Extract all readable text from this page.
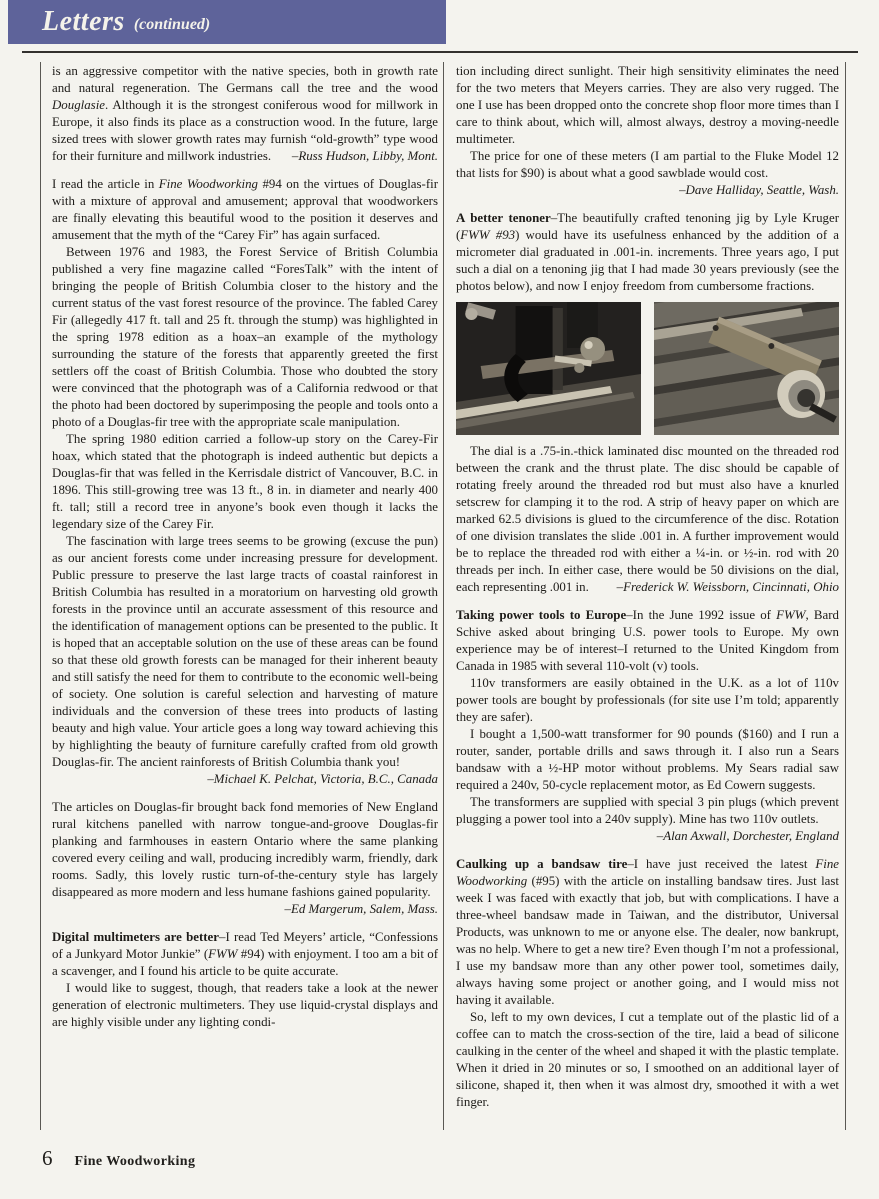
Letters (continued)

is an aggressive competitor with the native species, both in growth rate and natural regeneration. The Germans call the tree and the wood Douglasie. Although it is the strongest coniferous wood for millwork in Europe, it also finds its place as a construction wood. In the future, large sized trees with slower growth rates may furnish “old-growth” type wood for their furniture and millwork industries. –Russ Hudson, Libby, Mont.

I read the article in Fine Woodworking #94 on the virtues of Douglas-fir with a mixture of approval and amusement; approval that woodworkers are finally elevating this beautiful wood to the position it deserves and amusement that the myth of the “Carey Fir” has again surfaced.

Between 1976 and 1983, the Forest Service of British Columbia published a very fine magazine called “ForesTalk” with the intent of bringing the people of British Columbia closer to the history and the current status of the vast forest resource of the province. The fabled Carey Fir (allegedly 417 ft. tall and 25 ft. through the stump) was highlighted in the spring 1978 edition as a hoax–an example of the mythology surrounding the stature of the forests that apparently greeted the first settlers off the coast of British Columbia. Those who doubted the story were convinced that the photograph was of a California redwood or that the photo had been doctored by superimposing the people and tools onto a photo of a Douglas-fir tree with the appropriate scale manipulation.

The spring 1980 edition carried a follow-up story on the Carey-Fir hoax, which stated that the photograph is indeed authentic but depicts a Douglas-fir that was felled in the Kerrisdale district of Vancouver, B.C. in 1896. This still-growing tree was 13 ft., 8 in. in diameter and nearly 400 ft. tall; still a record tree in anyone’s book even though it lacks the legendary size of the Carey Fir.

The fascination with large trees seems to be growing (excuse the pun) as our ancient forests come under increasing pressure for development. Public pressure to preserve the last large tracts of coastal rainforest in British Columbia has resulted in a moratorium on harvesting old growth forests in the province until an accurate assessment of this resource and the identification of management options can be presented to the public. It is hoped that an acceptable solution on the use of these areas can be found so that these old growth forests can be managed for their inherent beauty and still satisfy the need for them to contribute to the economic well-being of society. One solution is careful selection and harvesting of mature individuals and the conversion of these trees into products of lasting beauty and high value. Your article goes a long way toward achieving this by highlighting the beauty of furniture carefully crafted from old growth Douglas-fir. The ancient rainforests of British Columbia thank you!
–Michael K. Pelchat, Victoria, B.C., Canada

The articles on Douglas-fir brought back fond memories of New England rural kitchens panelled with narrow tongue-and-groove Douglas-fir planking and farmhouses in eastern Ontario where the same planking covered every ceiling and wall, producing incredibly warm, friendly, dark rooms. Sadly, this lovely rustic turn-of-the-century style has largely disappeared as more modern and less humane fashions gained popularity.
–Ed Margerum, Salem, Mass.

Digital multimeters are better–I read Ted Meyers’ article, “Confessions of a Junkyard Motor Junkie” (FWW #94) with enjoyment. I too am a bit of a scavenger, and I found his article to be quite accurate.

I would like to suggest, though, that readers take a look at the newer generation of electronic multimeters. They use liquid-crystal displays and are highly visible under any lighting condi-

tion including direct sunlight. Their high sensitivity eliminates the need for the two meters that Meyers carries. They are also very rugged. The one I use has been dropped onto the concrete shop floor more times than I care to think about, which will, almost always, destroy a moving-needle multimeter.

The price for one of these meters (I am partial to the Fluke Model 12 that lists for $90) is about what a good sawblade would cost.
–Dave Halliday, Seattle, Wash.

A better tenoner–The beautifully crafted tenoning jig by Lyle Kruger (FWW #93) would have its usefulness enhanced by the addition of a micrometer dial graduated in .001-in. increments. Three years ago, I put such a dial on a tenoning jig that I had made 30 years previously (see the photos below), and now I enjoy freedom from cumbersome fractions.

The dial is a .75-in.-thick laminated disc mounted on the threaded rod between the crank and the thrust plate. The disc should be capable of rotating freely around the threaded rod but must also have a knurled setscrew for clamping it to the rod. A strip of heavy paper on which are marked 62.5 divisions is glued to the circumference of the disc. Rotation of one division translates the slide .001 in. A further improvement would be to replace the threaded rod with either a ¼-in. or ½-in. rod with 20 threads per inch. In either case, there would be 50 divisions on the dial, each representing .001 in.	–Frederick W. Weissborn, Cincinnati, Ohio

Taking power tools to Europe–In the June 1992 issue of FWW, Bard Schive asked about bringing U.S. power tools to Europe. My own experience may be of interest–I returned to the United Kingdom from Canada in 1985 with several 110-volt (v) tools.

110v transformers are easily obtained in the U.K. as a lot of 110v power tools are bought by professionals (for site use I’m told; apparently they are safer).

I bought a 1,500-watt transformer for 90 pounds ($160) and I run a router, sander, portable drills and saws through it. I also run a Sears bandsaw with a ½-HP motor without problems. My Sears radial saw required a 240v, 50-cycle replacement motor, as Ed Cowern suggests.

The transformers are supplied with special 3 pin plugs (which prevent plugging a power tool into a 240v supply). Mine has two 110v outlets.
–Alan Axwall, Dorchester, England

Caulking up a bandsaw tire–I have just received the latest Fine Woodworking (#95) with the article on installing bandsaw tires. Just last week I was faced with exactly that job, but with complications. I have a three-wheel bandsaw made in Taiwan, and the distributor, Universal Products, was unknown to me or anyone else. The dealer, now bankrupt, was no help. Where to get a new tire? Even though I’m not a professional, I use my bandsaw more than any other power tool, sometimes daily, always having some project or another going, and I would miss not having it available.

So, left to my own devices, I cut a template out of the plastic lid of a coffee can to match the cross-section of the tire, laid a bead of silicone caulking in the center of the wheel and shaped it with the plastic template. When it dried in 20 minutes or so, I smoothed on an additional layer of silicone, shaped it, then when it was almost dry, smoothed it with a wet finger.

6 Fine Woodworking
